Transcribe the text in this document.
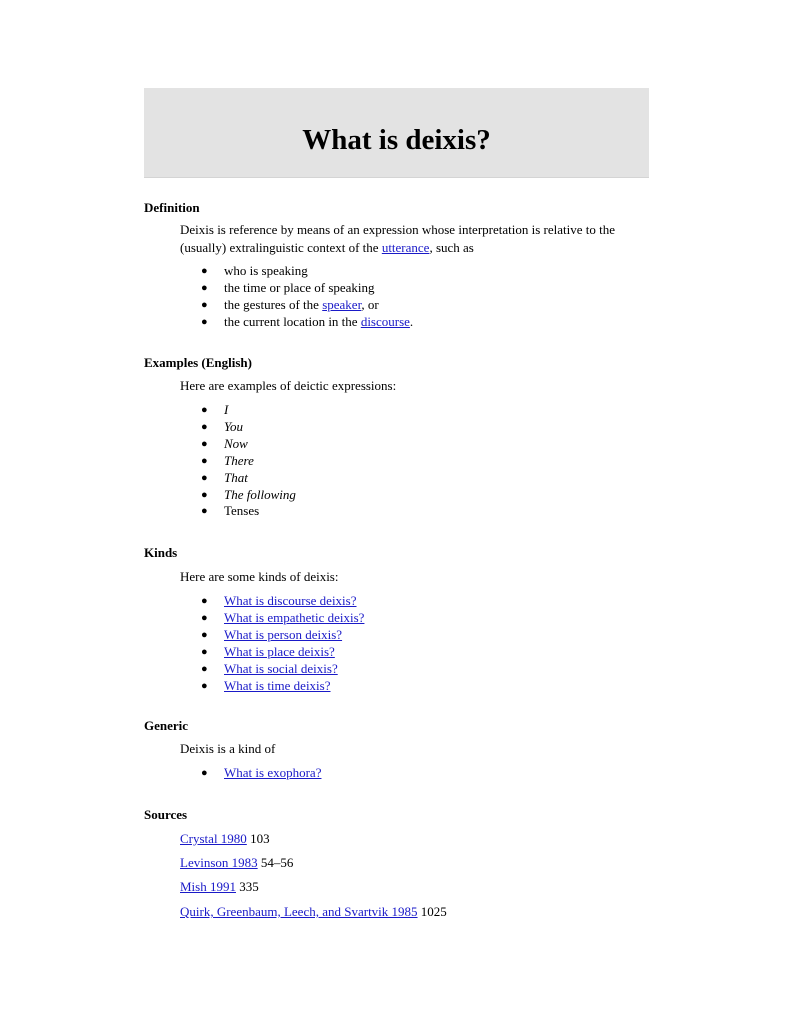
What is deixis?

Definition

Deixis is reference by means of an expression whose interpretation is relative to the (usually) extralinguistic context of the utterance, such as

● who is speaking
● the time or place of speaking
● the gestures of the speaker, or
● the current location in the discourse.

Examples (English)

Here are examples of deictic expressions:

● I
● You
● Now
● There
● That
● The following
● Tenses

Kinds

Here are some kinds of deixis:

● What is discourse deixis?
● What is empathetic deixis?
● What is person deixis?
● What is place deixis?
● What is social deixis?
● What is time deixis?

Generic

Deixis is a kind of

● What is exophora?

Sources

Crystal 1980 103

Levinson 1983 54–56

Mish 1991 335

Quirk, Greenbaum, Leech, and Svartvik 1985 1025
